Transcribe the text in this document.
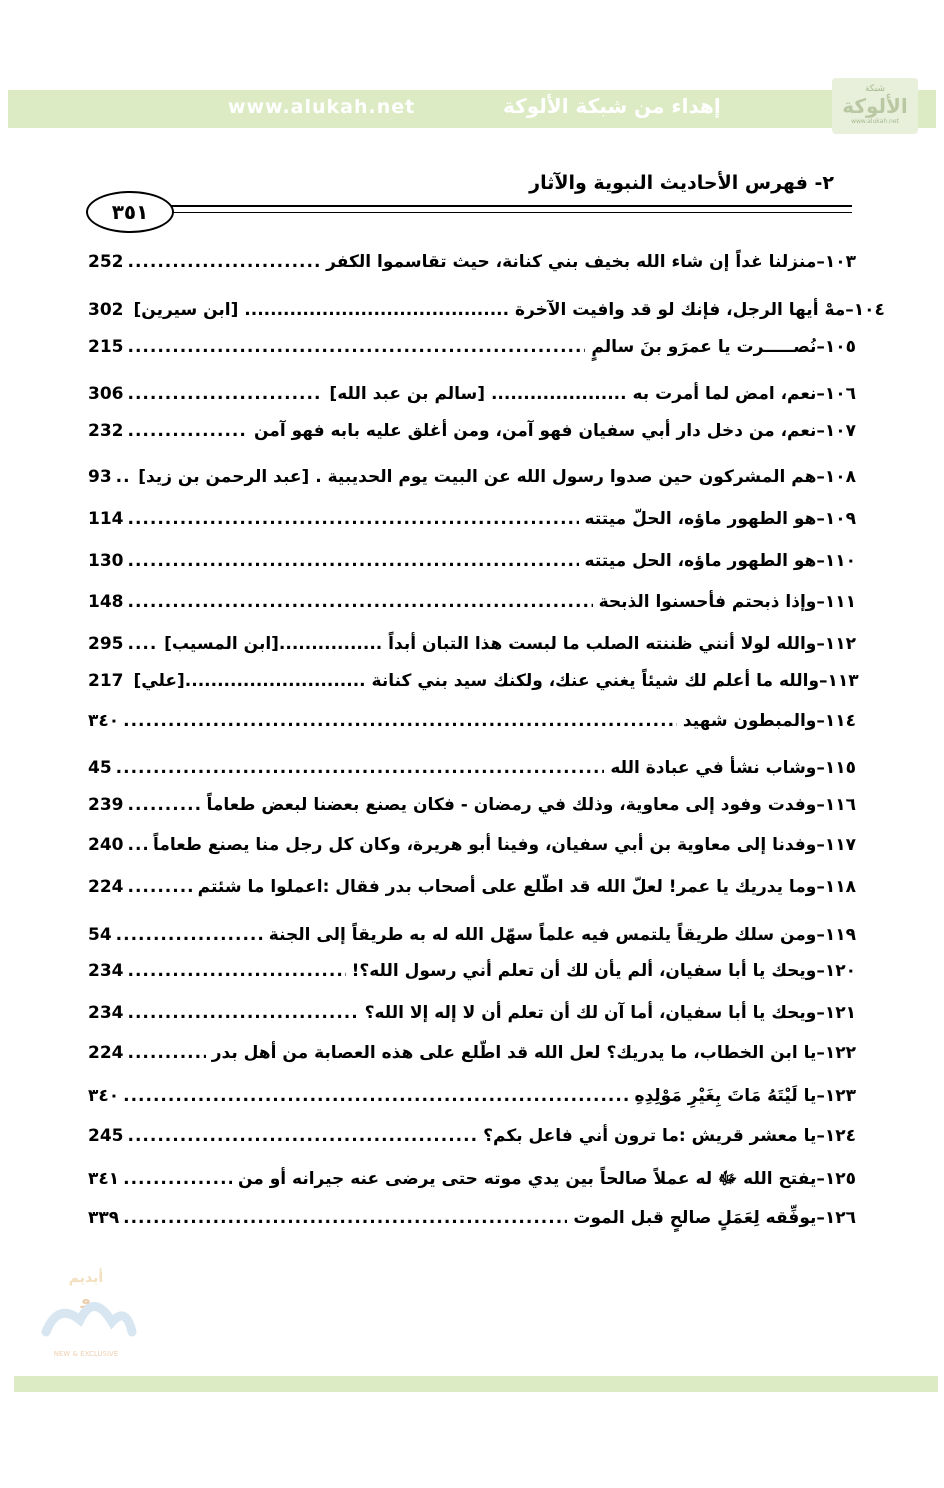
www.alukah.net	إهداء من شبكة الألوكة
شبكة
الألوكة
www.alukah.net
٢- فهرس الأحاديث النبوية والآثار
٣٥١
252 .....	١٠٣–منزلنا غداً إن شاء الله بخيف بني كنانة، حيث تقاسموا الكفر
302 ١٠٤–مهْ أيها الرجل، فإنك لو قد وافيت الآخرة ......................................... [ابن سيرين]
215 .....	١٠٥–نُصـــــرت يا عمرَو بنَ سالمٍ
306 .....	١٠٦–نعم، امض لما أمرت به ..................... [سالم بن عبد الله]
232 .....	١٠٧–نعم، من دخل دار أبي سفيان فهو آمن، ومن أغلق عليه بابه فهو آمن
93 .....	١٠٨–هم المشركون حين صدوا رسول الله عن البيت يوم الحديبية . [عبد الرحمن بن زيد]
114 .....	١٠٩–هو الطهور ماؤه، الحلّ ميتته
130 .....	١١٠–هو الطهور ماؤه، الحل ميتته
148 .....	١١١–وإذا ذبحتم فأحسنوا الذبحة
295 .....	١١٢–والله لولا أنني ظننته الصلب ما لبست هذا التبان أبداً ................[ابن المسيب]
217 ١١٣–والله ما أعلم لك شيئاً يغني عنك، ولكنك سيد بني كنانة ............................[علي]
٣٤٠ .....	١١٤–والمبطون شهيد
45 .....	١١٥–وشاب نشأ في عبادة الله
239 .....	١١٦–وفدت وفود إلى معاوية، وذلك في رمضان - فكان يصنع بعضنا لبعض طعاماً
240 .....	١١٧–وفدنا إلى معاوية بن أبي سفيان، وفينا أبو هريرة، وكان كل رجل منا يصنع طعاماً
224 .....	١١٨–وما يدريك يا عمر! لعلّ الله قد اطّلع على أصحاب بدر فقال :اعملوا ما شئتم
54 .....	١١٩–ومن سلك طريقاً يلتمس فيه علماً سهّل الله له به طريقاً إلى الجنة
234 .....	١٢٠–ويحك يا أبا سفيان، ألم يأن لك أن تعلم أني رسول الله؟!
234 .....	١٢١–ويحك يا أبا سفيان، أما آن لك أن تعلم أن لا إله إلا الله؟
224 .....	١٢٢–يا ابن الخطاب، ما يدريك؟ لعل الله قد اطّلع على هذه العصابة من أهل بدر
٣٤٠ .....	١٢٣–يا لَيْتَهُ مَاتَ بِغَيْرِ مَوْلِدِهِ
245 .....	١٢٤–يا معشر قريش :ما ترون أني فاعل بكم؟
٣٤١ .....	١٢٥–يفتح الله ﷻ له عملاً صالحاً بين يدي موته حتى يرضى عنه جيرانه أو من
٣٣٩ .....	١٢٦–يوفِّقه لِعَمَلٍ صالحٍ قبل الموت
أيديم
و
NEW & EXCLUSIVE
